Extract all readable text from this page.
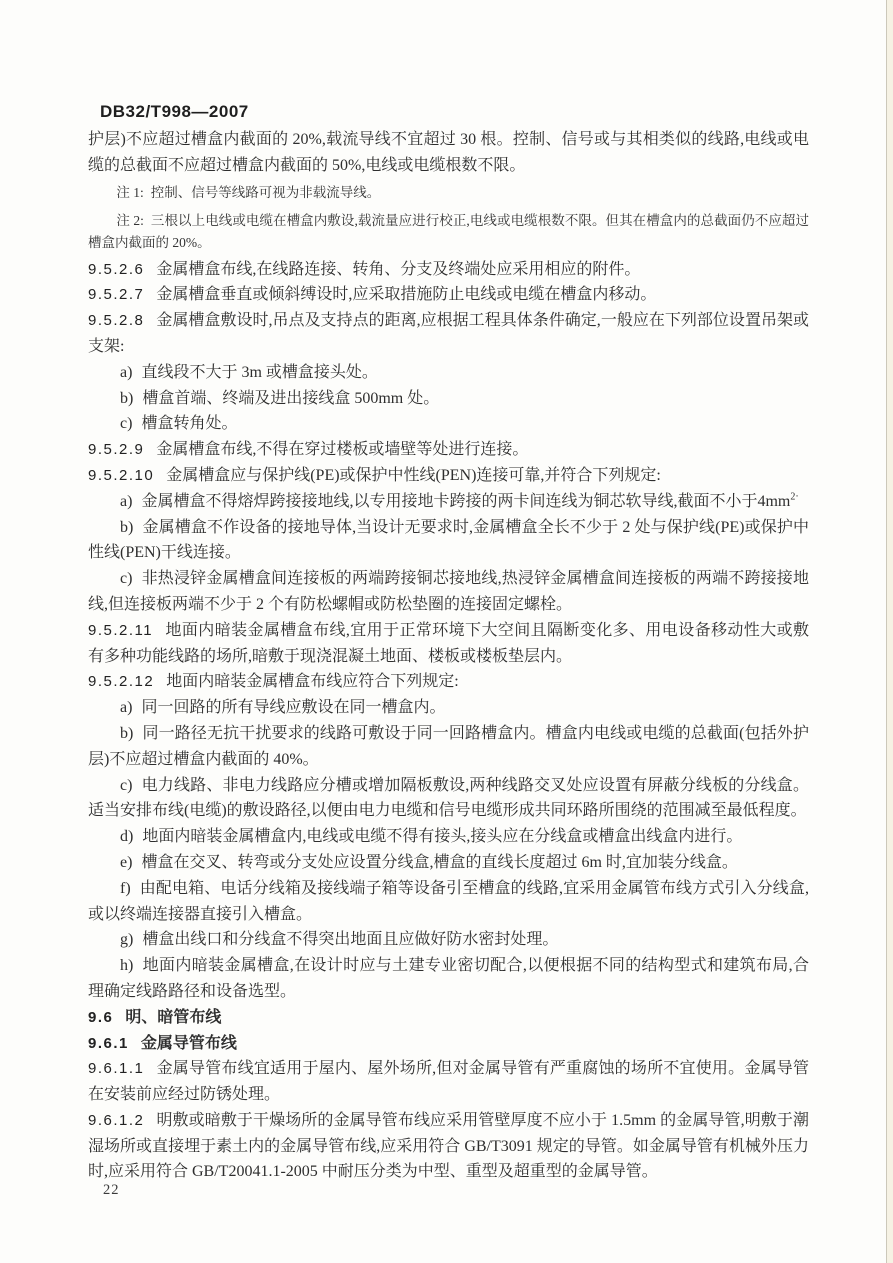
DB32/T998—2007

护层)不应超过槽盒内截面的 20%,载流导线不宜超过 30 根。控制、信号或与其相类似的线路,电线或电缆的总截面不应超过槽盒内截面的 50%,电线或电缆根数不限。

注 1: 控制、信号等线路可视为非载流导线。

注 2: 三根以上电线或电缆在槽盒内敷设,载流量应进行校正,电线或电缆根数不限。但其在槽盒内的总截面仍不应超过槽盒内截面的 20%。

9.5.2.6 金属槽盒布线,在线路连接、转角、分支及终端处应采用相应的附件。

9.5.2.7 金属槽盒垂直或倾斜缚设时,应采取措施防止电线或电缆在槽盒内移动。

9.5.2.8 金属槽盒敷设时,吊点及支持点的距离,应根据工程具体条件确定,一般应在下列部位设置吊架或支架:

a) 直线段不大于 3m 或槽盒接头处。

b) 槽盒首端、终端及进出接线盒 500mm 处。

c) 槽盒转角处。

9.5.2.9 金属槽盒布线,不得在穿过楼板或墙壁等处进行连接。

9.5.2.10 金属槽盒应与保护线(PE)或保护中性线(PEN)连接可靠,并符合下列规定:

a) 金属槽盒不得熔焊跨接接地线,以专用接地卡跨接的两卡间连线为铜芯软导线,截面不小于$4mm^{2\cdot}$

b) 金属槽盒不作设备的接地导体,当设计无要求时,金属槽盒全长不少于 2 处与保护线(PE)或保护中性线(PEN)干线连接。

c) 非热浸锌金属槽盒间连接板的两端跨接铜芯接地线,热浸锌金属槽盒间连接板的两端不跨接接地线,但连接板两端不少于 2 个有防松螺帽或防松垫圈的连接固定螺栓。

9.5.2.11 地面内暗装金属槽盒布线,宜用于正常环境下大空间且隔断变化多、用电设备移动性大或敷有多种功能线路的场所,暗敷于现浇混凝土地面、楼板或楼板垫层内。

9.5.2.12 地面内暗装金属槽盒布线应符合下列规定:

a) 同一回路的所有导线应敷设在同一槽盒内。

b) 同一路径无抗干扰要求的线路可敷设于同一回路槽盒内。槽盒内电线或电缆的总截面(包括外护层)不应超过槽盒内截面的 40%。

c) 电力线路、非电力线路应分槽或增加隔板敷设,两种线路交叉处应设置有屏蔽分线板的分线盒。适当安排布线(电缆)的敷设路径,以便由电力电缆和信号电缆形成共同环路所围绕的范围减至最低程度。

d) 地面内暗装金属槽盒内,电线或电缆不得有接头,接头应在分线盒或槽盒出线盒内进行。

e) 槽盒在交叉、转弯或分支处应设置分线盒,槽盒的直线长度超过 6m 时,宜加装分线盒。

f) 由配电箱、电话分线箱及接线端子箱等设备引至槽盒的线路,宜采用金属管布线方式引入分线盒,或以终端连接器直接引入槽盒。

g) 槽盒出线口和分线盒不得突出地面且应做好防水密封处理。

h) 地面内暗装金属槽盒,在设计时应与土建专业密切配合,以便根据不同的结构型式和建筑布局,合理确定线路路径和设备选型。

9.6 明、暗管布线

9.6.1 金属导管布线

9.6.1.1 金属导管布线宜适用于屋内、屋外场所,但对金属导管有严重腐蚀的场所不宜使用。金属导管在安装前应经过防锈处理。

9.6.1.2 明敷或暗敷于干燥场所的金属导管布线应采用管壁厚度不应小于 1.5mm 的金属导管,明敷于潮湿场所或直接埋于素土内的金属导管布线,应采用符合 GB/T3091 规定的导管。如金属导管有机械外压力时,应采用符合 GB/T20041.1-2005 中耐压分类为中型、重型及超重型的金属导管。

22
